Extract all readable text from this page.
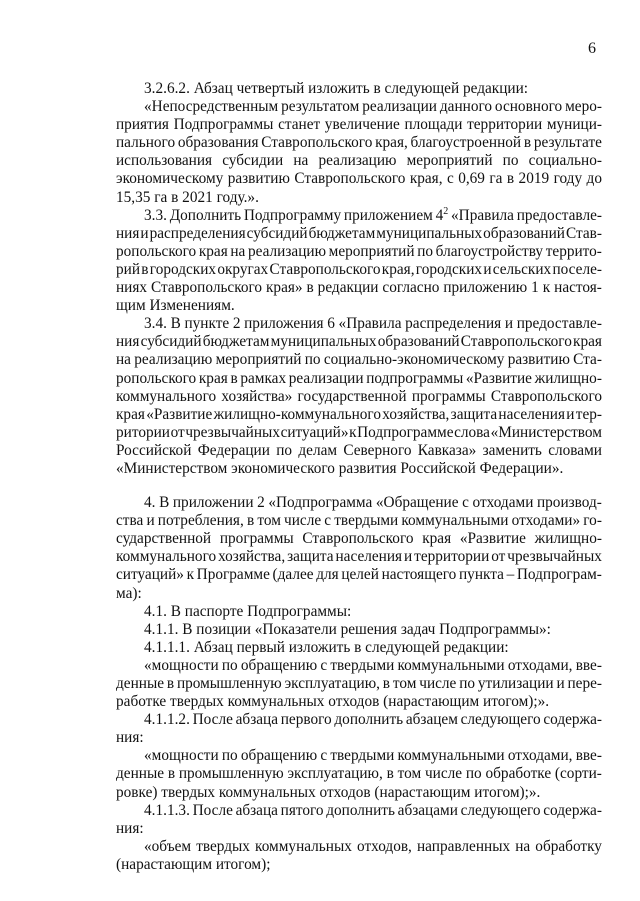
6
3.2.6.2. Абзац четвертый изложить в следующей редакции:
«Непосредственным результатом реализации данного основного меро-
приятия Подпрограммы станет увеличение площади территории муници-
пального образования Ставропольского края, благоустроенной в результате
использования субсидии на реализацию мероприятий по социально-
экономическому развитию Ставропольского края, с 0,69 га в 2019 году до
15,35 га в 2021 году.».
3.3. Дополнить Подпрограмму приложением $4^2$ «Правила предоставле-
ния и распределения субсидий бюджетам муниципальных образований Став-
ропольского края на реализацию мероприятий по благоустройству террито-
рий в городских округах Ставропольского края, городских и сельских поселе-
ниях Ставропольского края» в редакции согласно приложению 1 к настоя-
щим Изменениям.
3.4. В пункте 2 приложения 6 «Правила распределения и предоставле-
ния субсидий бюджетам муниципальных образований Ставропольского края
на реализацию мероприятий по социально-экономическому развитию Ста-
ропольского края в рамках реализации подпрограммы «Развитие жилищно-
коммунального хозяйства» государственной программы Ставропольского
края «Развитие жилищно-коммунального хозяйства, защита населения и тер-
ритории от чрезвычайных ситуаций» к Подпрограмме слова «Министерством
Российской Федерации по делам Северного Кавказа» заменить словами
«Министерством экономического развития Российской Федерации».
4. В приложении 2 «Подпрограмма «Обращение с отходами производ-
ства и потребления, в том числе с твердыми коммунальными отходами» го-
сударственной программы Ставропольского края «Развитие жилищно-
коммунального хозяйства, защита населения и территории от чрезвычайных
ситуаций» к Программе (далее для целей настоящего пункта – Подпрограм-
ма):
4.1. В паспорте Подпрограммы:
4.1.1. В позиции «Показатели решения задач Подпрограммы»:
4.1.1.1. Абзац первый изложить в следующей редакции:
«мощности по обращению с твердыми коммунальными отходами, вве-
денные в промышленную эксплуатацию, в том числе по утилизации и пере-
работке твердых коммунальных отходов (нарастающим итогом);».
4.1.1.2. После абзаца первого дополнить абзацем следующего содержа-
ния:
«мощности по обращению с твердыми коммунальными отходами, вве-
денные в промышленную эксплуатацию, в том числе по обработке (сорти-
ровке) твердых коммунальных отходов (нарастающим итогом);».
4.1.1.3. После абзаца пятого дополнить абзацами следующего содержа-
ния:
«объем твердых коммунальных отходов, направленных на обработку
(нарастающим итогом);
